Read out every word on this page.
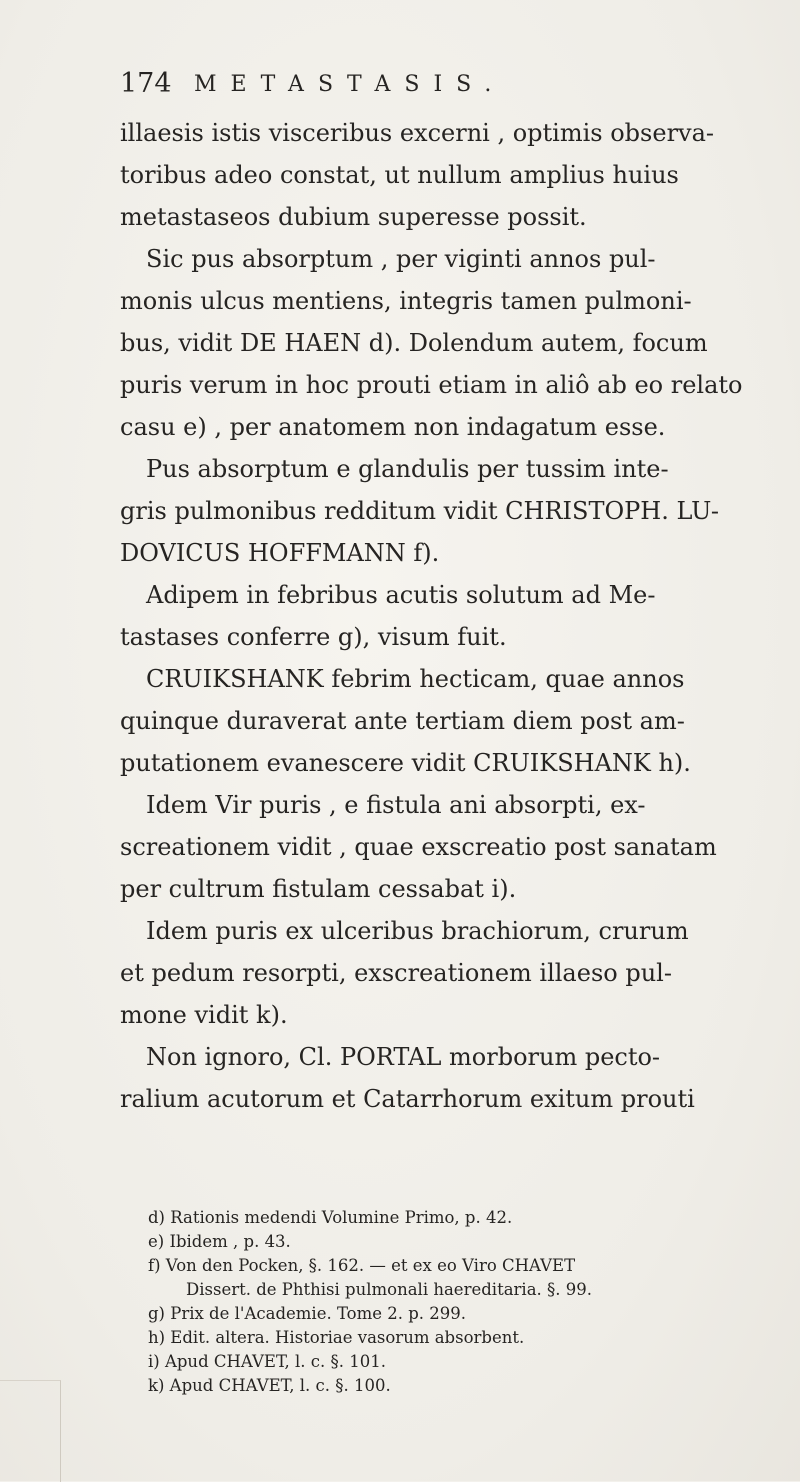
174 METASTASIS.
illaesis istis visceribus excerni , optimis observa-
toribus adeo constat, ut nullum amplius huius
metastaseos dubium superesse possit.
Sic pus absorptum , per viginti annos pul-
monis ulcus mentiens, integris tamen pulmoni-
bus, vidit DE HAEN d). Dolendum autem, focum
puris verum in hoc prouti etiam in aliô ab eo relato
casu e) , per anatomem non indagatum esse.
Pus absorptum e glandulis per tussim inte-
gris pulmonibus redditum vidit CHRISTOPH. LU-
DOVICUS HOFFMANN f).
Adipem in febribus acutis solutum ad Me-
tastases conferre g), visum fuit.
CRUIKSHANK febrim hecticam, quae annos
quinque duraverat ante tertiam diem post am-
putationem evanescere vidit CRUIKSHANK h).
Idem Vir puris , e fistula ani absorpti, ex-
screationem vidit , quae exscreatio post sanatam
per cultrum fistulam cessabat i).
Idem puris ex ulceribus brachiorum, crurum
et pedum resorpti, exscreationem illaeso pul-
mone vidit k).
Non ignoro, Cl. PORTAL morborum pecto-
ralium acutorum et Catarrhorum exitum prouti
d) Rationis medendi Volumine Primo, p. 42.
e) Ibidem , p. 43.
f) Von den Pocken, §. 162. — et ex eo Viro CHAVET
Dissert. de Phthisi pulmonali haereditaria. §. 99.
g) Prix de l'Academie. Tome 2. p. 299.
h) Edit. altera. Historiae vasorum absorbent.
i) Apud CHAVET, l. c. §. 101.
k) Apud CHAVET, l. c. §. 100.
